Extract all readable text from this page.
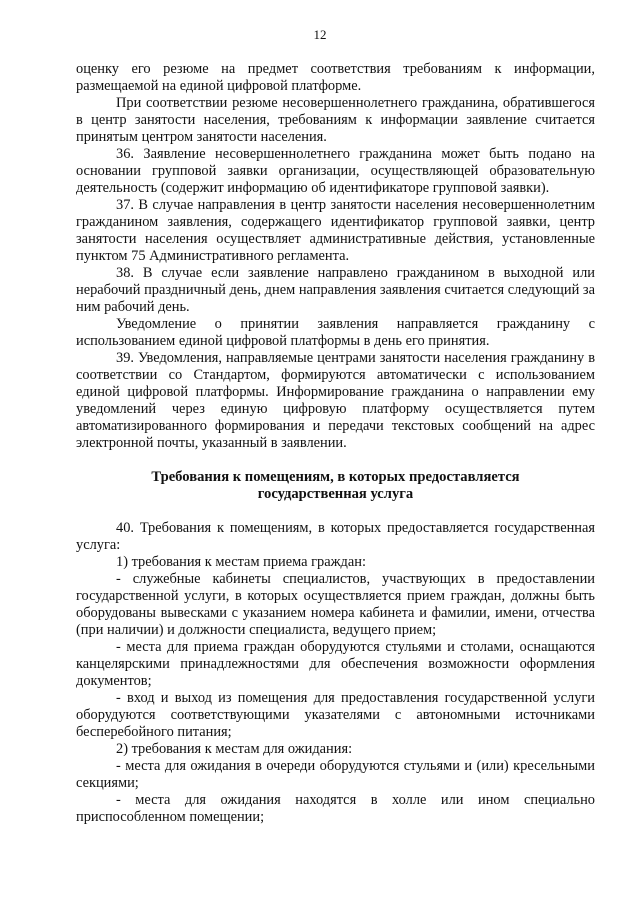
12

оценку его резюме на предмет соответствия требованиям к информации, размещаемой на единой цифровой платформе.

При соответствии резюме несовершеннолетнего гражданина, обратившегося в центр занятости населения, требованиям к информации заявление считается принятым центром занятости населения.

36. Заявление несовершеннолетнего гражданина может быть подано на основании групповой заявки организации, осуществляющей образовательную деятельность (содержит информацию об идентификаторе групповой заявки).

37. В случае направления в центр занятости населения несовершеннолетним гражданином заявления, содержащего идентификатор групповой заявки, центр занятости населения осуществляет административные действия, установленные пунктом 75 Административного регламента.

38. В случае если заявление направлено гражданином в выходной или нерабочий праздничный день, днем направления заявления считается следующий за ним рабочий день.

Уведомление о принятии заявления направляется гражданину с использованием единой цифровой платформы в день его принятия.

39. Уведомления, направляемые центрами занятости населения гражданину в соответствии со Стандартом, формируются автоматически с использованием единой цифровой платформы. Информирование гражданина о направлении ему уведомлений через единую цифровую платформу осуществляется путем автоматизированного формирования и передачи текстовых сообщений на адрес электронной почты, указанный в заявлении.

Требования к помещениям, в которых предоставляется государственная услуга

40. Требования к помещениям, в которых предоставляется государственная услуга:

1) требования к местам приема граждан:

- служебные кабинеты специалистов, участвующих в предоставлении государственной услуги, в которых осуществляется прием граждан, должны быть оборудованы вывесками с указанием номера кабинета и фамилии, имени, отчества (при наличии) и должности специалиста, ведущего прием;

- места для приема граждан оборудуются стульями и столами, оснащаются канцелярскими принадлежностями для обеспечения возможности оформления документов;

- вход и выход из помещения для предоставления государственной услуги оборудуются соответствующими указателями с автономными источниками бесперебойного питания;

2) требования к местам для ожидания:

- места для ожидания в очереди оборудуются стульями и (или) кресельными секциями;

- места для ожидания находятся в холле или ином специально приспособленном помещении;
